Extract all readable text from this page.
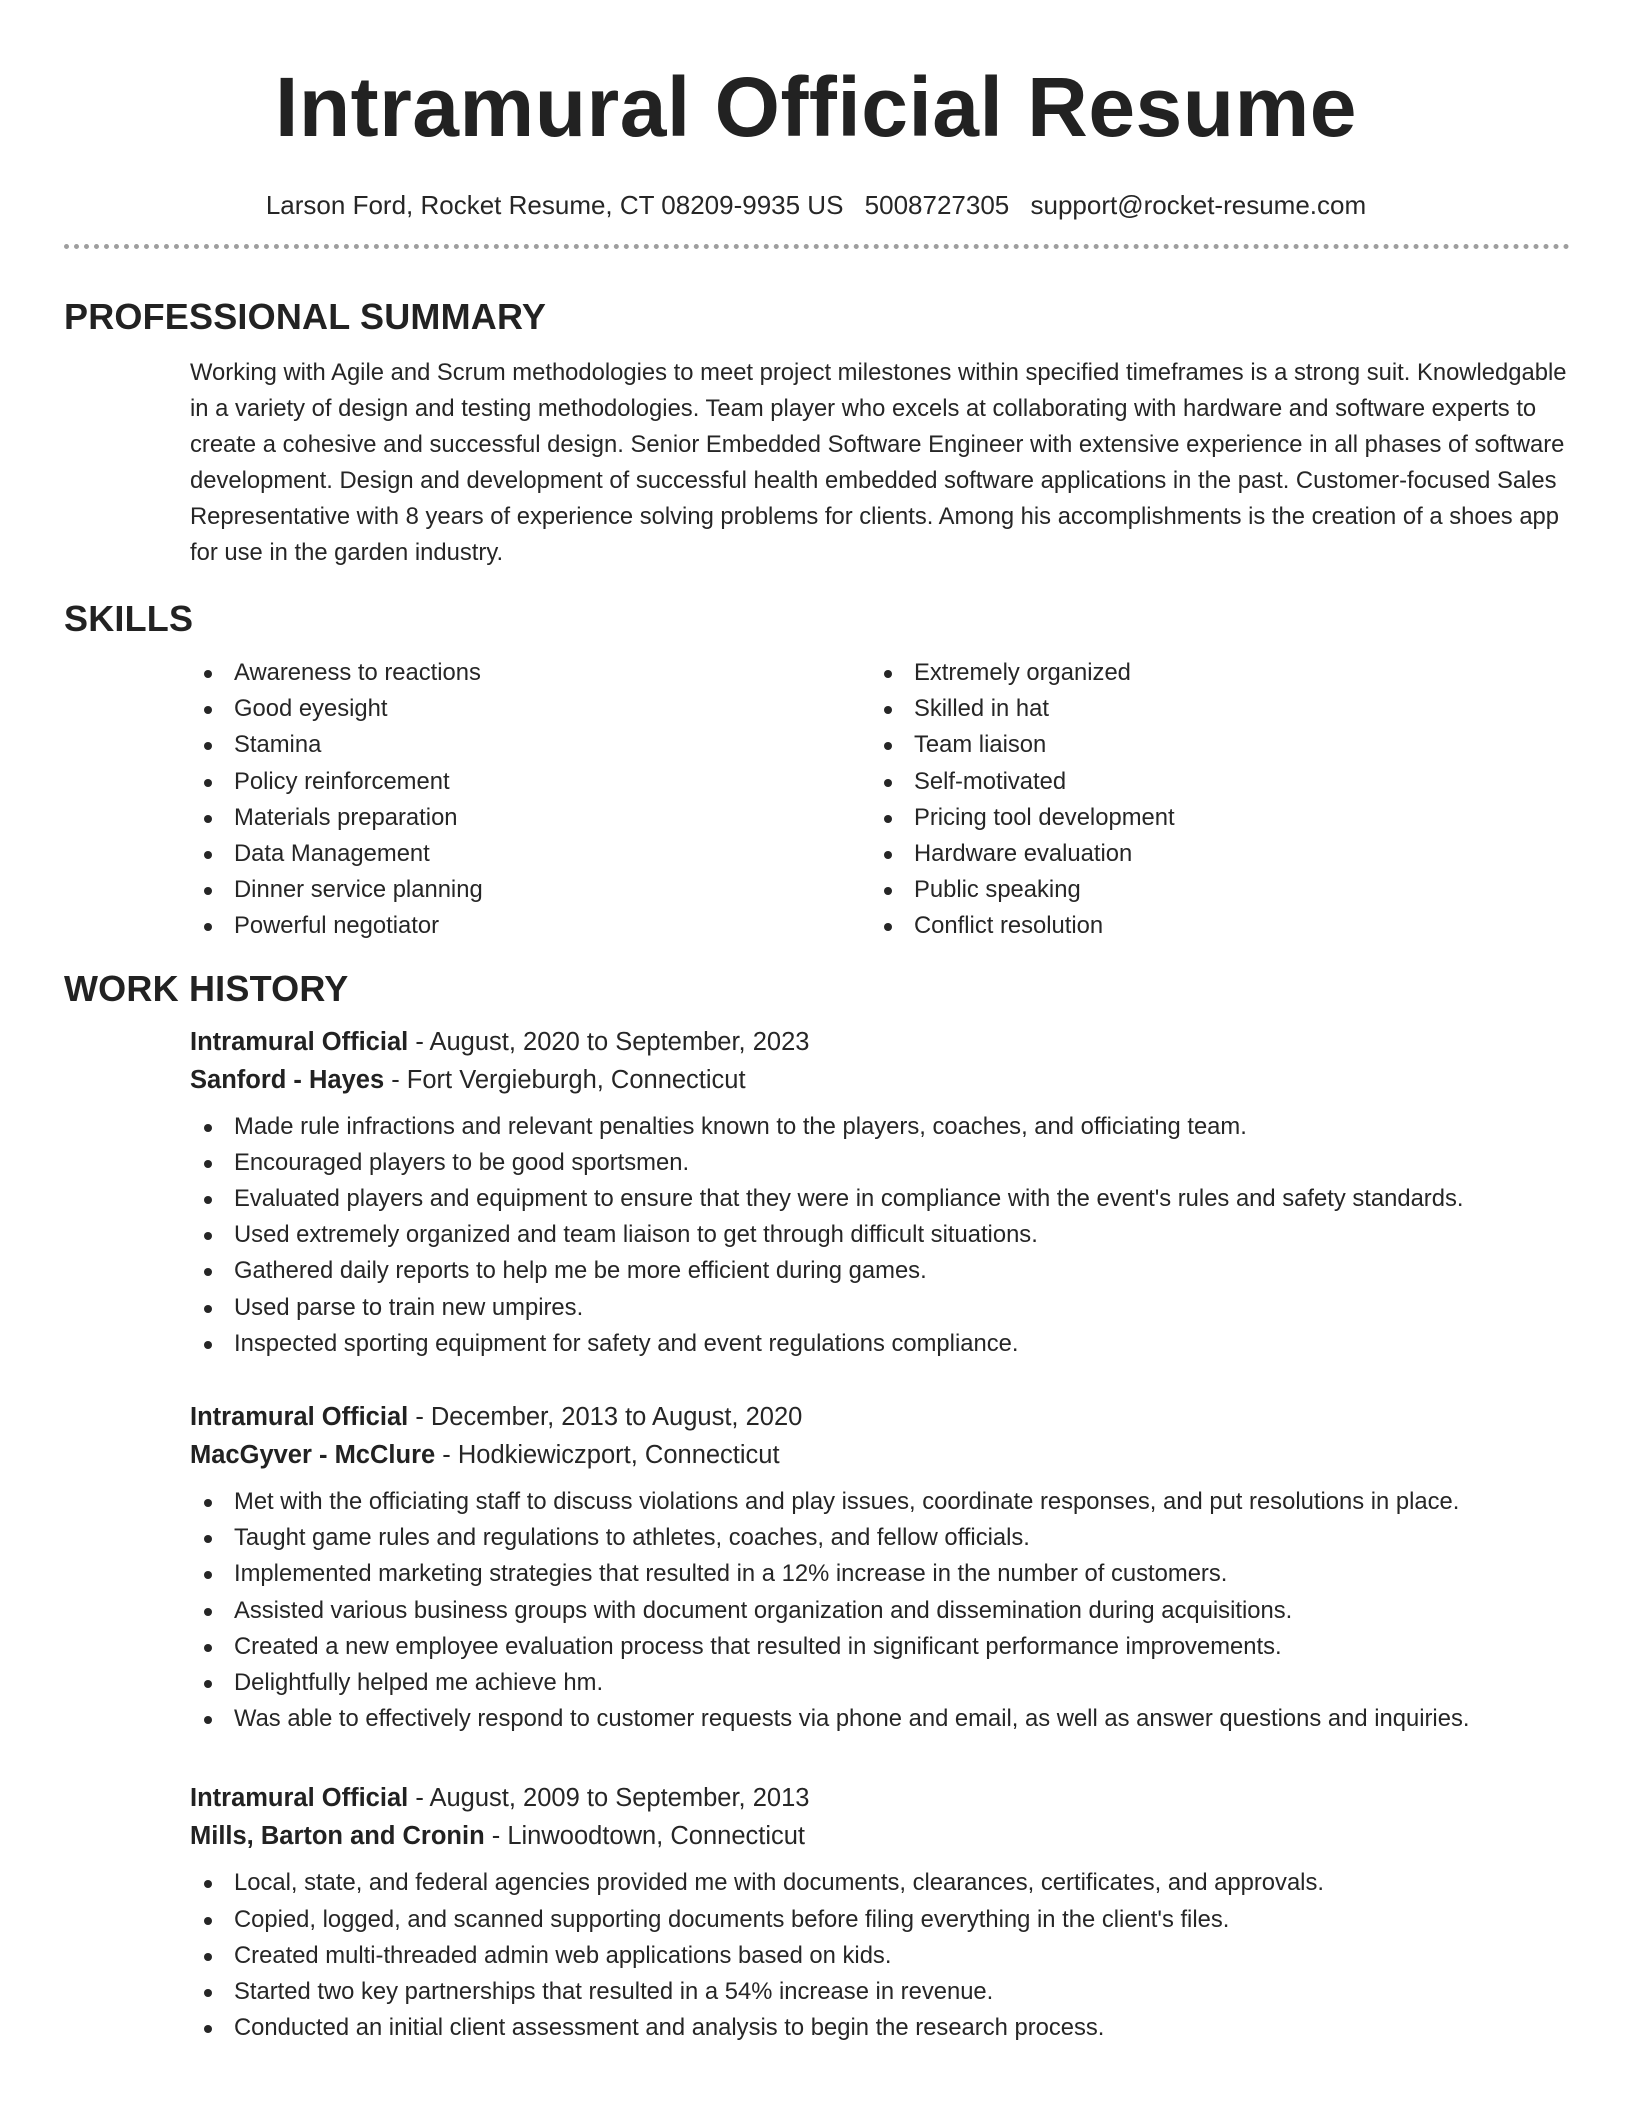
Intramural Official Resume
Larson Ford, Rocket Resume, CT 08209-9935 US 5008727305 support@rocket-resume.com
PROFESSIONAL SUMMARY

Working with Agile and Scrum methodologies to meet project milestones within specified timeframes is a strong suit. Knowledgable in a variety of design and testing methodologies. Team player who excels at collaborating with hardware and software experts to create a cohesive and successful design. Senior Embedded Software Engineer with extensive experience in all phases of software development. Design and development of successful health embedded software applications in the past. Customer-focused Sales Representative with 8 years of experience solving problems for clients. Among his accomplishments is the creation of a shoes app for use in the garden industry.

SKILLS
Awareness to reactions
Good eyesight
Stamina
Policy reinforcement
Materials preparation
Data Management
Dinner service planning
Powerful negotiator
Extremely organized
Skilled in hat
Team liaison
Self-motivated
Pricing tool development
Hardware evaluation
Public speaking
Conflict resolution
WORK HISTORY
Intramural Official - August, 2020 to September, 2023
Sanford - Hayes - Fort Vergieburgh, Connecticut
Made rule infractions and relevant penalties known to the players, coaches, and officiating team.
Encouraged players to be good sportsmen.
Evaluated players and equipment to ensure that they were in compliance with the event's rules and safety standards.
Used extremely organized and team liaison to get through difficult situations.
Gathered daily reports to help me be more efficient during games.
Used parse to train new umpires.
Inspected sporting equipment for safety and event regulations compliance.
Intramural Official - December, 2013 to August, 2020
MacGyver - McClure - Hodkiewiczport, Connecticut
Met with the officiating staff to discuss violations and play issues, coordinate responses, and put resolutions in place.
Taught game rules and regulations to athletes, coaches, and fellow officials.
Implemented marketing strategies that resulted in a 12% increase in the number of customers.
Assisted various business groups with document organization and dissemination during acquisitions.
Created a new employee evaluation process that resulted in significant performance improvements.
Delightfully helped me achieve hm.
Was able to effectively respond to customer requests via phone and email, as well as answer questions and inquiries.
Intramural Official - August, 2009 to September, 2013
Mills, Barton and Cronin - Linwoodtown, Connecticut
Local, state, and federal agencies provided me with documents, clearances, certificates, and approvals.
Copied, logged, and scanned supporting documents before filing everything in the client's files.
Created multi-threaded admin web applications based on kids.
Started two key partnerships that resulted in a 54% increase in revenue.
Conducted an initial client assessment and analysis to begin the research process.
